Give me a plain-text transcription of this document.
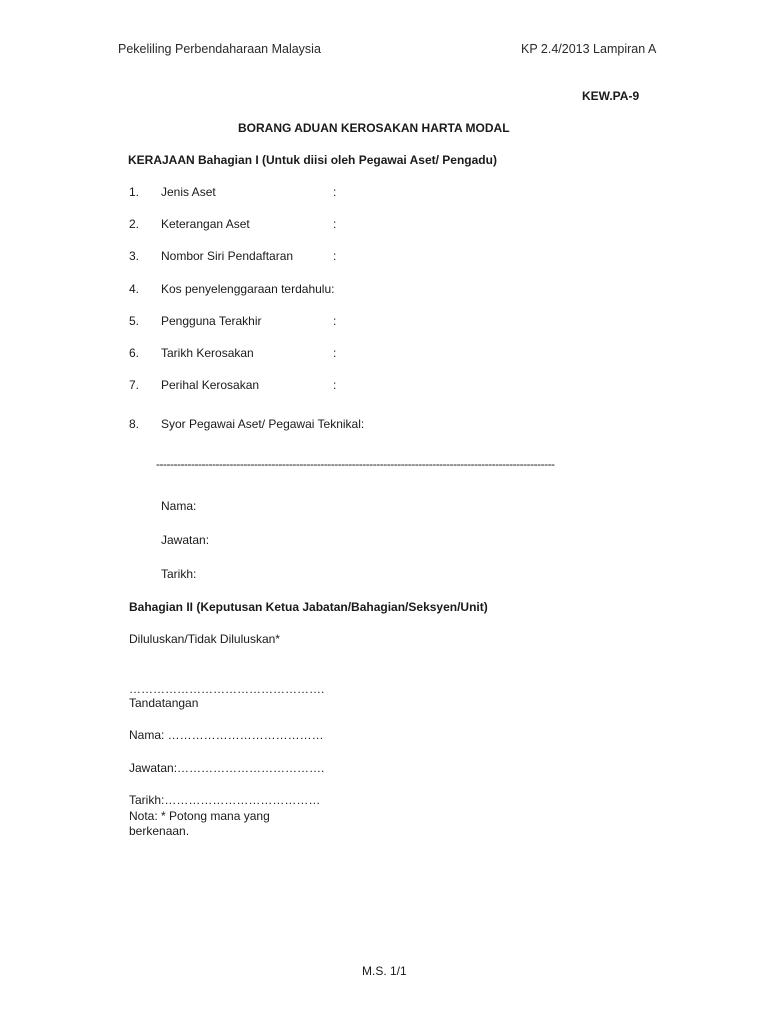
Pekeliling Perbendaharaan Malaysia	KP 2.4/2013 Lampiran A
KEW.PA-9
BORANG ADUAN KEROSAKAN HARTA MODAL
KERAJAAN Bahagian I (Untuk diisi oleh Pegawai Aset/ Pengadu)
1. Jenis Aset	:
2. Keterangan Aset	:
3. Nombor Siri Pendaftaran	:
4. Kos penyelenggaraan terdahulu:
5. Pengguna Terakhir	:
6. Tarikh Kerosakan	:
7. Perihal Kerosakan	:
8. Syor Pegawai Aset/ Pegawai Teknikal:
------------------------------------------------------------------------------------------------------------------
Nama:
Jawatan:
Tarikh:
Bahagian II (Keputusan Ketua Jabatan/Bahagian/Seksyen/Unit)
Diluluskan/Tidak Diluluskan*
………………………………………….
Tandatangan
Nama: …………………………………
Jawatan:……………………………….
Tarikh:…………………………………
Nota: * Potong mana yang
berkenaan.
M.S. 1/1
